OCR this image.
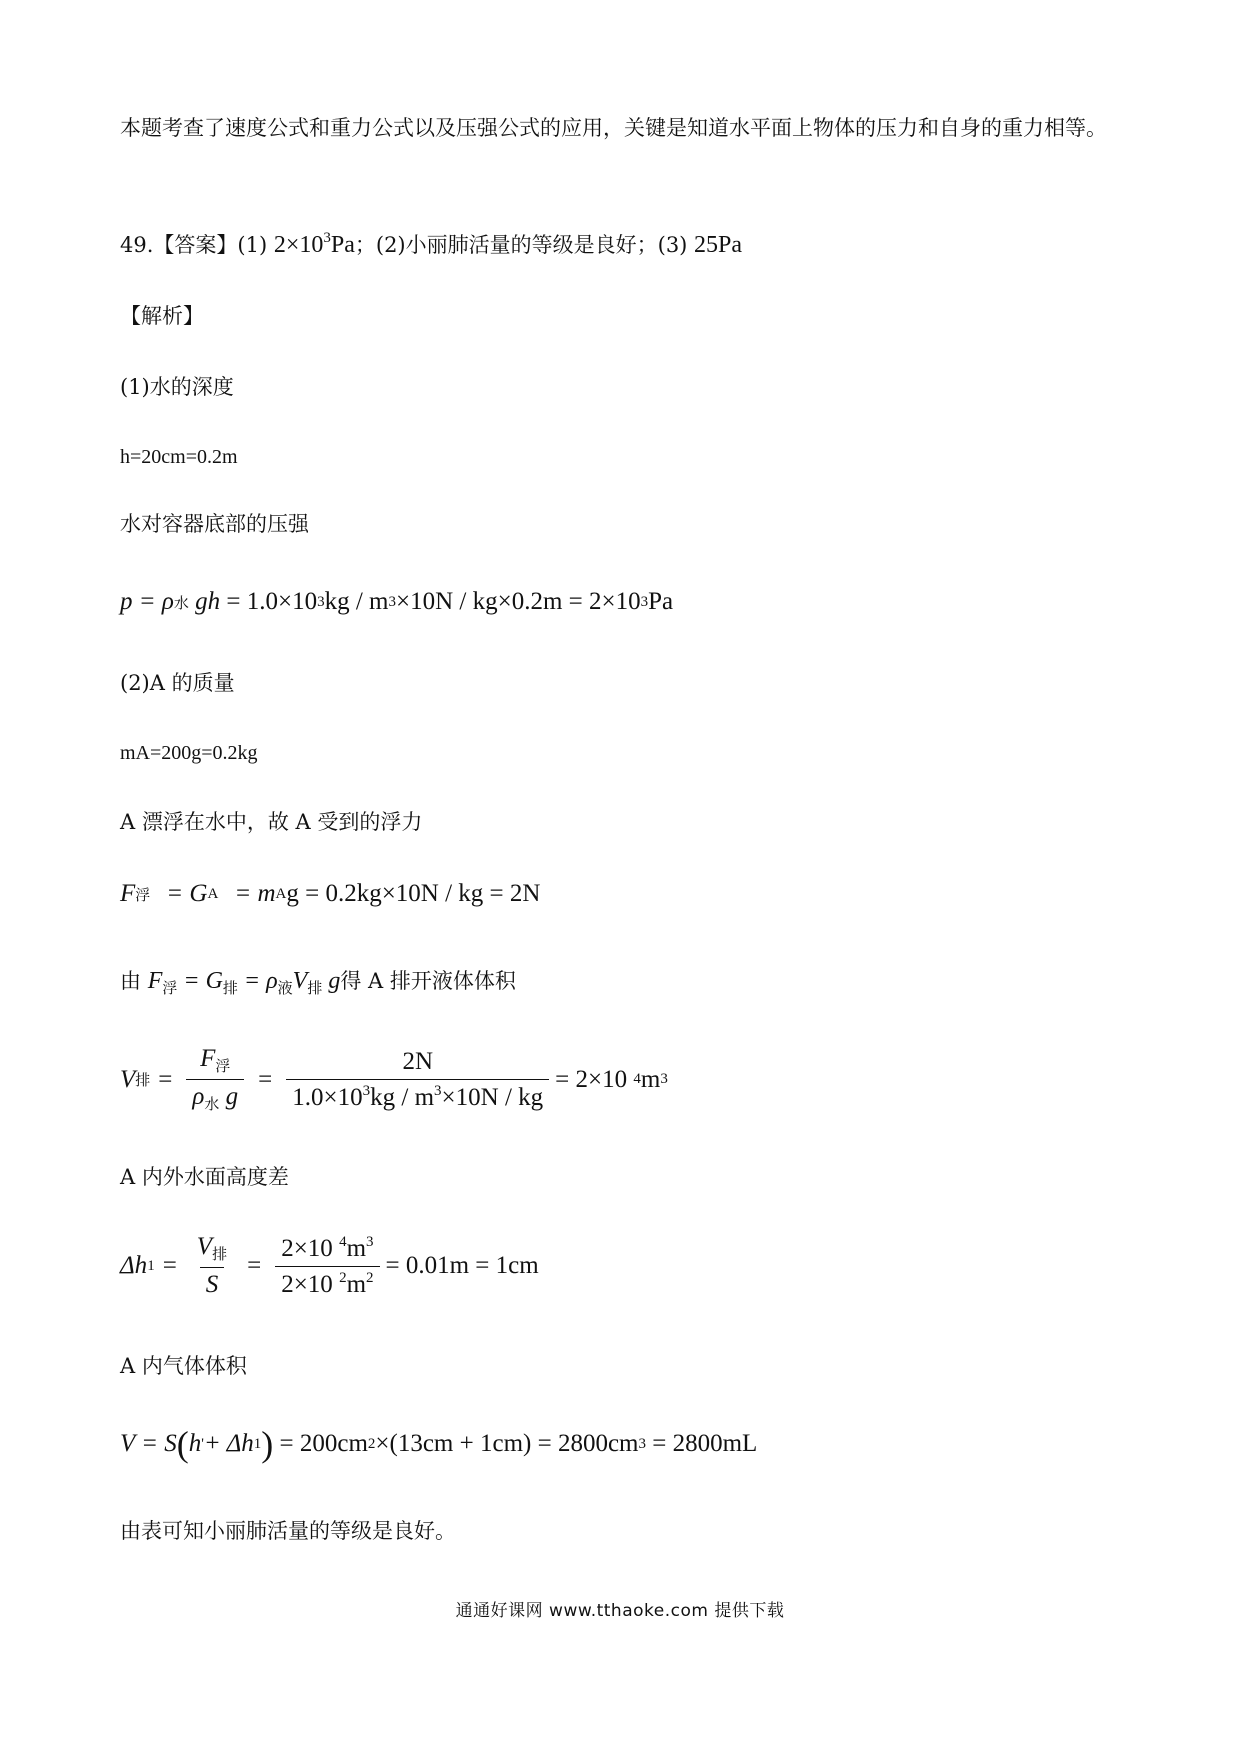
本题考查了速度公式和重力公式以及压强公式的应用，关键是知道水平面上物体的压力和自身的重力相等。
49.【答案】(1) $2\times 10^3Pa$；(2)小丽肺活量的等级是良好；(3) 25Pa
【解析】
(1)水的深度
h=20cm=0.2m
水对容器底部的压强
p = ρ 水
gh
= 1.0×10 3 kg / m 3 ×10N / kg×0.2m = 2×10 3 Pa
(2)A 的质量
mA=200g=0.2kg
A 漂浮在水中，故 A 受到的浮力
F 浮 = G A = m A g = 0.2kg×10N / kg = 2N
由
$F_浮 = G_排 = \rho_液V_排$ g 得 A 排开液体体积
V 排 = $\frac{F_浮}{\rho_水 g} = \frac{2N}{1.0\times 10^3kg / m^3\times 10N / kg} = 2\times 10$
4 m 3
A 内外水面高度差
Δh $1 = \frac{V_排}{S} = \frac{2\times 10 ^4m^3}{2\times 10 ^2m^2} = 0.01m = 1cm$
A 内气体体积
V = S ( h ' + Δh 1 )
= 200cm 2 ×(13cm + 1cm) = 2800cm 3
= 2800mL
由表可知小丽肺活量的等级是良好。
通通好课网 www.tthaoke.com 提供下载
